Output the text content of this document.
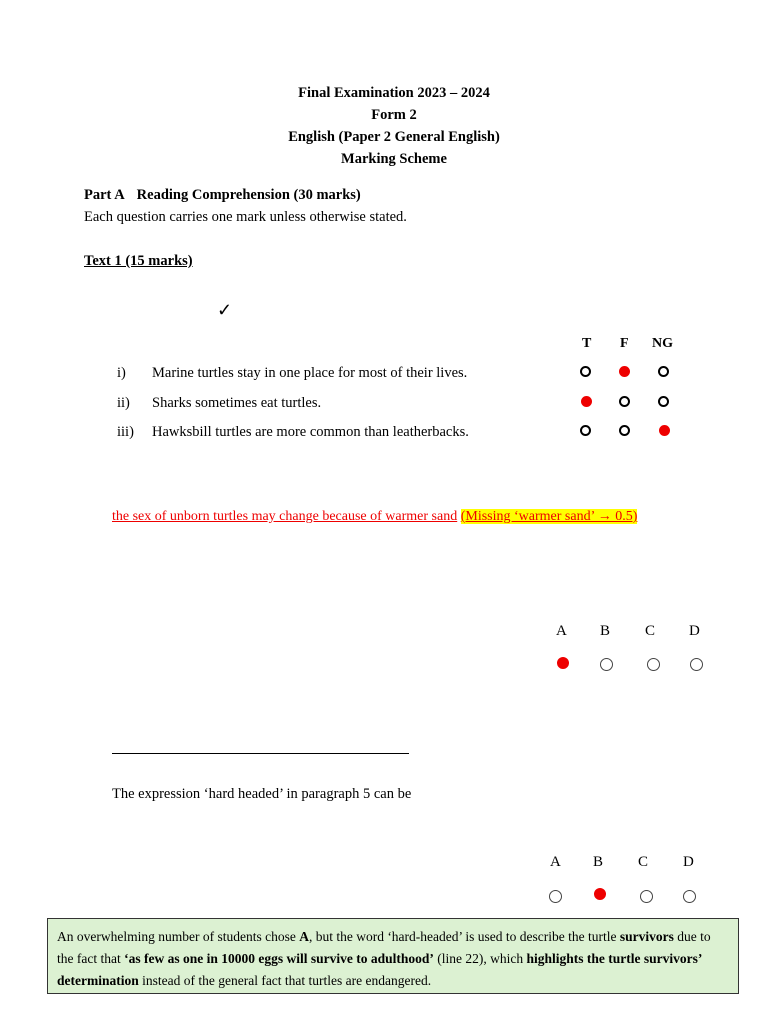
Final Examination 2023 – 2024
Form 2
English (Paper 2 General English)
Marking Scheme
Part A Reading Comprehension (30 marks)
Each question carries one mark unless otherwise stated.
Text 1 (15 marks)
✓
T F NG
i) Marine turtles stay in one place for most of their lives.
ii) Sharks sometimes eat turtles.
iii) Hawksbill turtles are more common than leatherbacks.
the sex of unborn turtles may change because of warmer sand (Missing ‘warmer sand’ → 0.5)
A B C D
The expression ‘hard headed’ in paragraph 5 can be
A B C D
An overwhelming number of students chose A, but the word ‘hard-headed’ is used to describe the turtle survivors due to the fact that ‘as few as one in 10000 eggs will survive to adulthood’ (line 22), which highlights the turtle survivors’ determination instead of the general fact that turtles are endangered.
